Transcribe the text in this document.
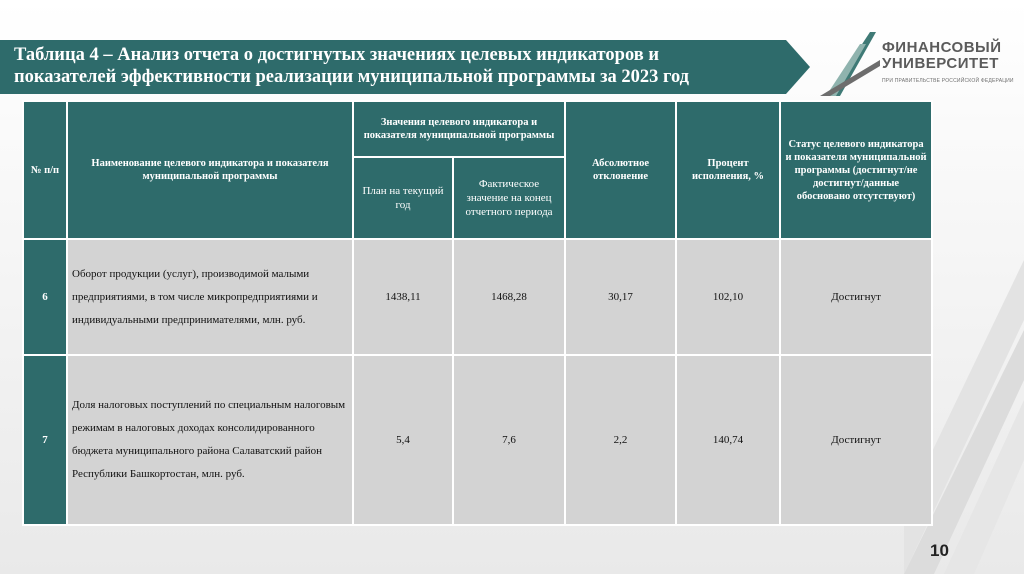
Таблица 4 – Анализ отчета о достигнутых значениях целевых индикаторов и
показателей эффективности реализации муниципальной программы за 2023 год
ФИНАНСОВЫЙ
УНИВЕРСИТЕТ
ПРИ ПРАВИТЕЛЬСТВЕ РОССИЙСКОЙ ФЕДЕРАЦИИ
№ п/п	Наименование целевого индикатора и показателя муниципальной программы	Значения целевого индикатора и показателя муниципальной программы		Абсолютное отклонение	Процент исполнения, %	Статус целевого индикатора и показателя муниципальной программы (достигнут/не достигнут/данные обосновано отсутствуют)
		План на текущий год	Фактическое значение на конец отчетного периода			
6	Оборот продукции (услуг), производимой малыми предприятиями, в том числе микропредприятиями и индивидуальными предпринимателями, млн. руб.	1438,11	1468,28	30,17	102,10	Достигнут
7	Доля налоговых поступлений по специальным налоговым режимам в налоговых доходах консолидированного бюджета муниципального района Салаватский район Республики Башкортостан, млн. руб.	5,4	7,6	2,2	140,74	Достигнут
10
